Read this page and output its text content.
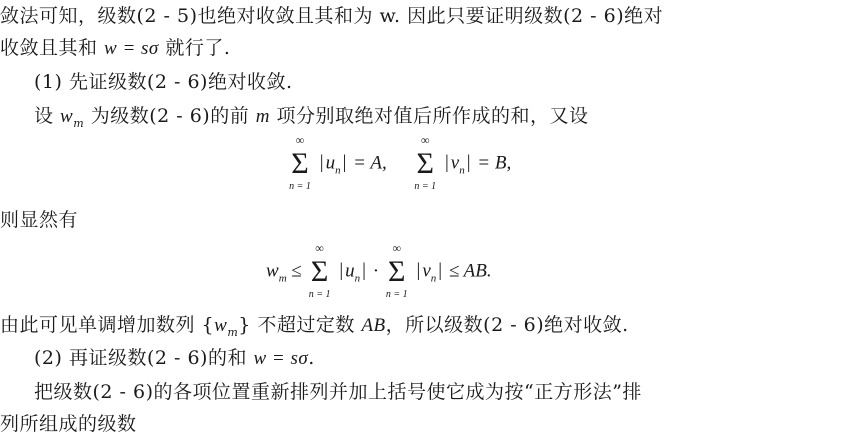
敛法可知，级数(2 - 5)也绝对收敛且其和为 w. 因此只要证明级数(2 - 6)绝对
收敛且其和 w = sσ 就行了.
(1) 先证级数(2 - 6)绝对收敛.
设 $w_m$ 为级数(2 - 6)的前 m 项分别取绝对值后所作成的和，又设
∞
Σ
n = 1
| $u_n$ | = A,
∞
Σ
n = 1
| $v_n$ | = B,
则显然有
$w_m$ ≤
∞
Σ
n = 1
| $u_n$ | ·
∞
Σ
n = 1
| $v_n$ | ≤ AB.
由此可见单调增加数列 $\{w_m\}$ 不超过定数 AB，所以级数(2 - 6)绝对收敛.
(2) 再证级数(2 - 6)的和 w = sσ.
把级数(2 - 6)的各项位置重新排列并加上括号使它成为按“正方形法”排
列所组成的级数
